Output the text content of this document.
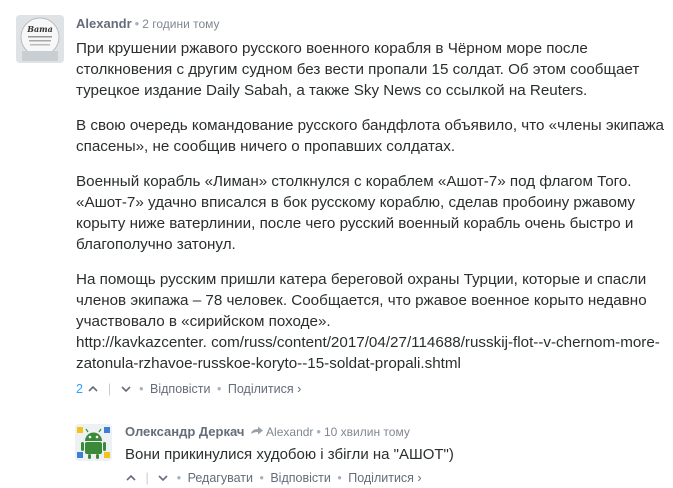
Вата Alexandr • 2 години тому

При крушении ржавого русского военного корабля в Чёрном море после столкновения с другим судном без вести пропали 15 солдат. Об этом сообщает турецкое издание Daily Sabah, а также Sky News со ссылкой на Reuters.

В свою очередь командование русского бандфлота объявило, что «члены экипажа спасены», не сообщив ничего о пропавших солдатах.

Военный корабль «Лиман» столкнулся с кораблем «Ашот-7» под флагом Того. «Ашот-7» удачно вписался в бок русскому кораблю, сделав пробоину ржавому корыту ниже ватерлинии, после чего русский военный корабль очень быстро и благополучно затонул.

На помощь русским пришли катера береговой охраны Турции, которые и спасли членов экипажа – 78 человек. Сообщается, что ржавое военное корыто недавно участвовало в «сирийском походе».

http://kavkazcenter. com/russ/content/2017/04/27/114688/russkij-flot--v-chernom-more-zatonula-rzhavoe-russkoe-koryto--15-soldat-propali.shtml
2 | • Відповісти • Поділитися ›
Олександр Деркач Alexandr • 10 хвилин тому
Вони прикинулися худобою і збігли на "АШОТ")
| • Редагувати • Відповісти • Поділитися ›
